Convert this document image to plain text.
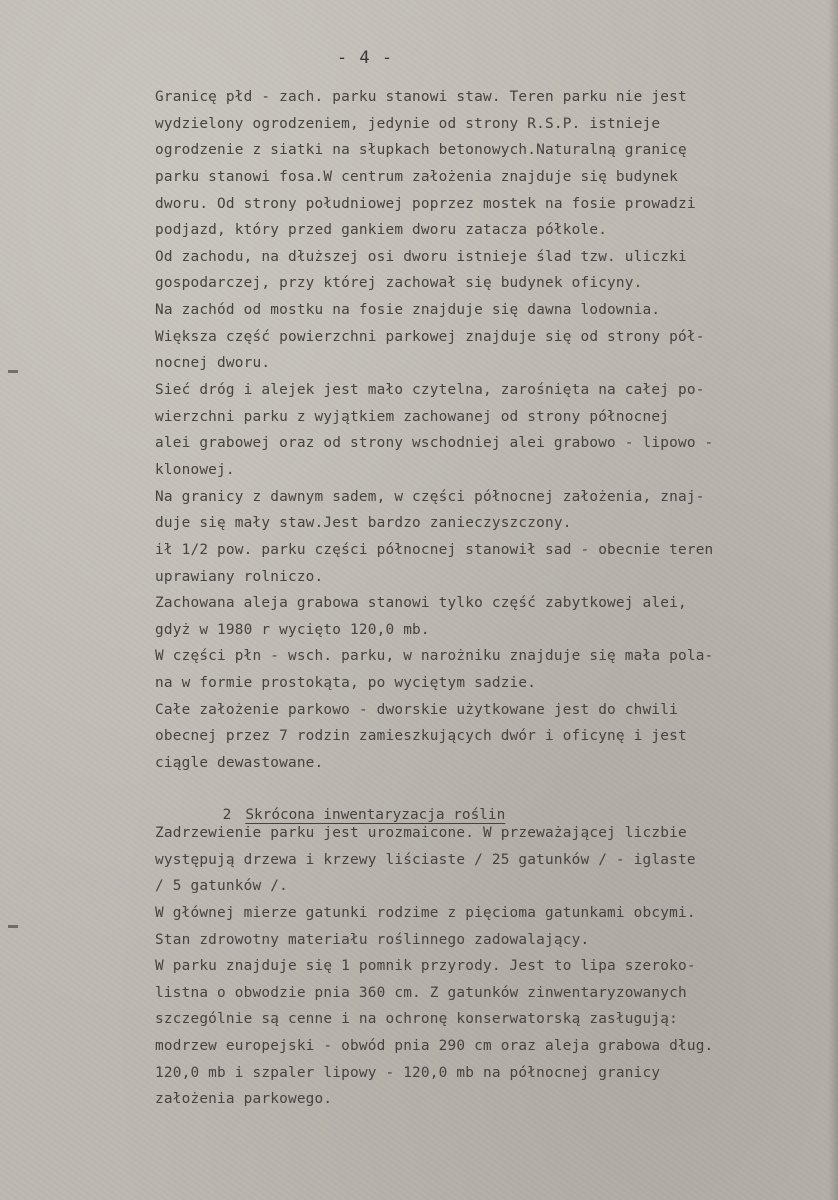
- 4 -
Granicę płd - zach. parku stanowi staw. Teren parku nie jest
wydzielony ogrodzeniem, jedynie od strony R.S.P. istnieje
ogrodzenie z siatki na słupkach betonowych.Naturalną granicę
parku stanowi fosa.W centrum założenia znajduje się budynek
dworu. Od strony południowej poprzez mostek na fosie prowadzi
podjazd, który przed gankiem dworu zatacza półkole.
Od zachodu, na dłuższej osi dworu istnieje ślad tzw. uliczki
gospodarczej, przy której zachował się budynek oficyny.
Na zachód od mostku na fosie znajduje się dawna lodownia.
Większa część powierzchni parkowej znajduje się od strony pół-
nocnej dworu.
Sieć dróg i alejek jest mało czytelna, zarośnięta na całej po-
wierzchni parku z wyjątkiem zachowanej od strony północnej
alei grabowej oraz od strony wschodniej alei grabowo - lipowo -
klonowej.
Na granicy z dawnym sadem, w części północnej założenia, znaj-
duje się mały staw.Jest bardzo zanieczyszczony.
ił 1/2 pow. parku części północnej stanowił sad - obecnie teren
uprawiany rolniczo.
Zachowana aleja grabowa stanowi tylko część zabytkowej alei,
gdyż w 1980 r wycięto 120,0 mb.
W części płn - wsch. parku, w narożniku znajduje się mała pola-
na w formie prostokąta, po wyciętym sadzie.
Całe założenie parkowo - dworskie użytkowane jest do chwili
obecnej przez 7 rodzin zamieszkujących dwór i oficynę i jest
ciągle dewastowane.

2 Skrócona inwentaryzacja roślin

Zadrzewienie parku jest urozmaicone. W przeważającej liczbie
występują drzewa i krzewy liściaste / 25 gatunków / - iglaste
/ 5 gatunków /.
W głównej mierze gatunki rodzime z pięcioma gatunkami obcymi.
Stan zdrowotny materiału roślinnego zadowalający.
W parku znajduje się 1 pomnik przyrody. Jest to lipa szeroko-
listna o obwodzie pnia 360 cm. Z gatunków zinwentaryzowanych
szczególnie są cenne i na ochronę konserwatorską zasługują:
modrzew europejski - obwód pnia 290 cm oraz aleja grabowa dług.
120,0 mb i szpaler lipowy - 120,0 mb na północnej granicy
założenia parkowego.
